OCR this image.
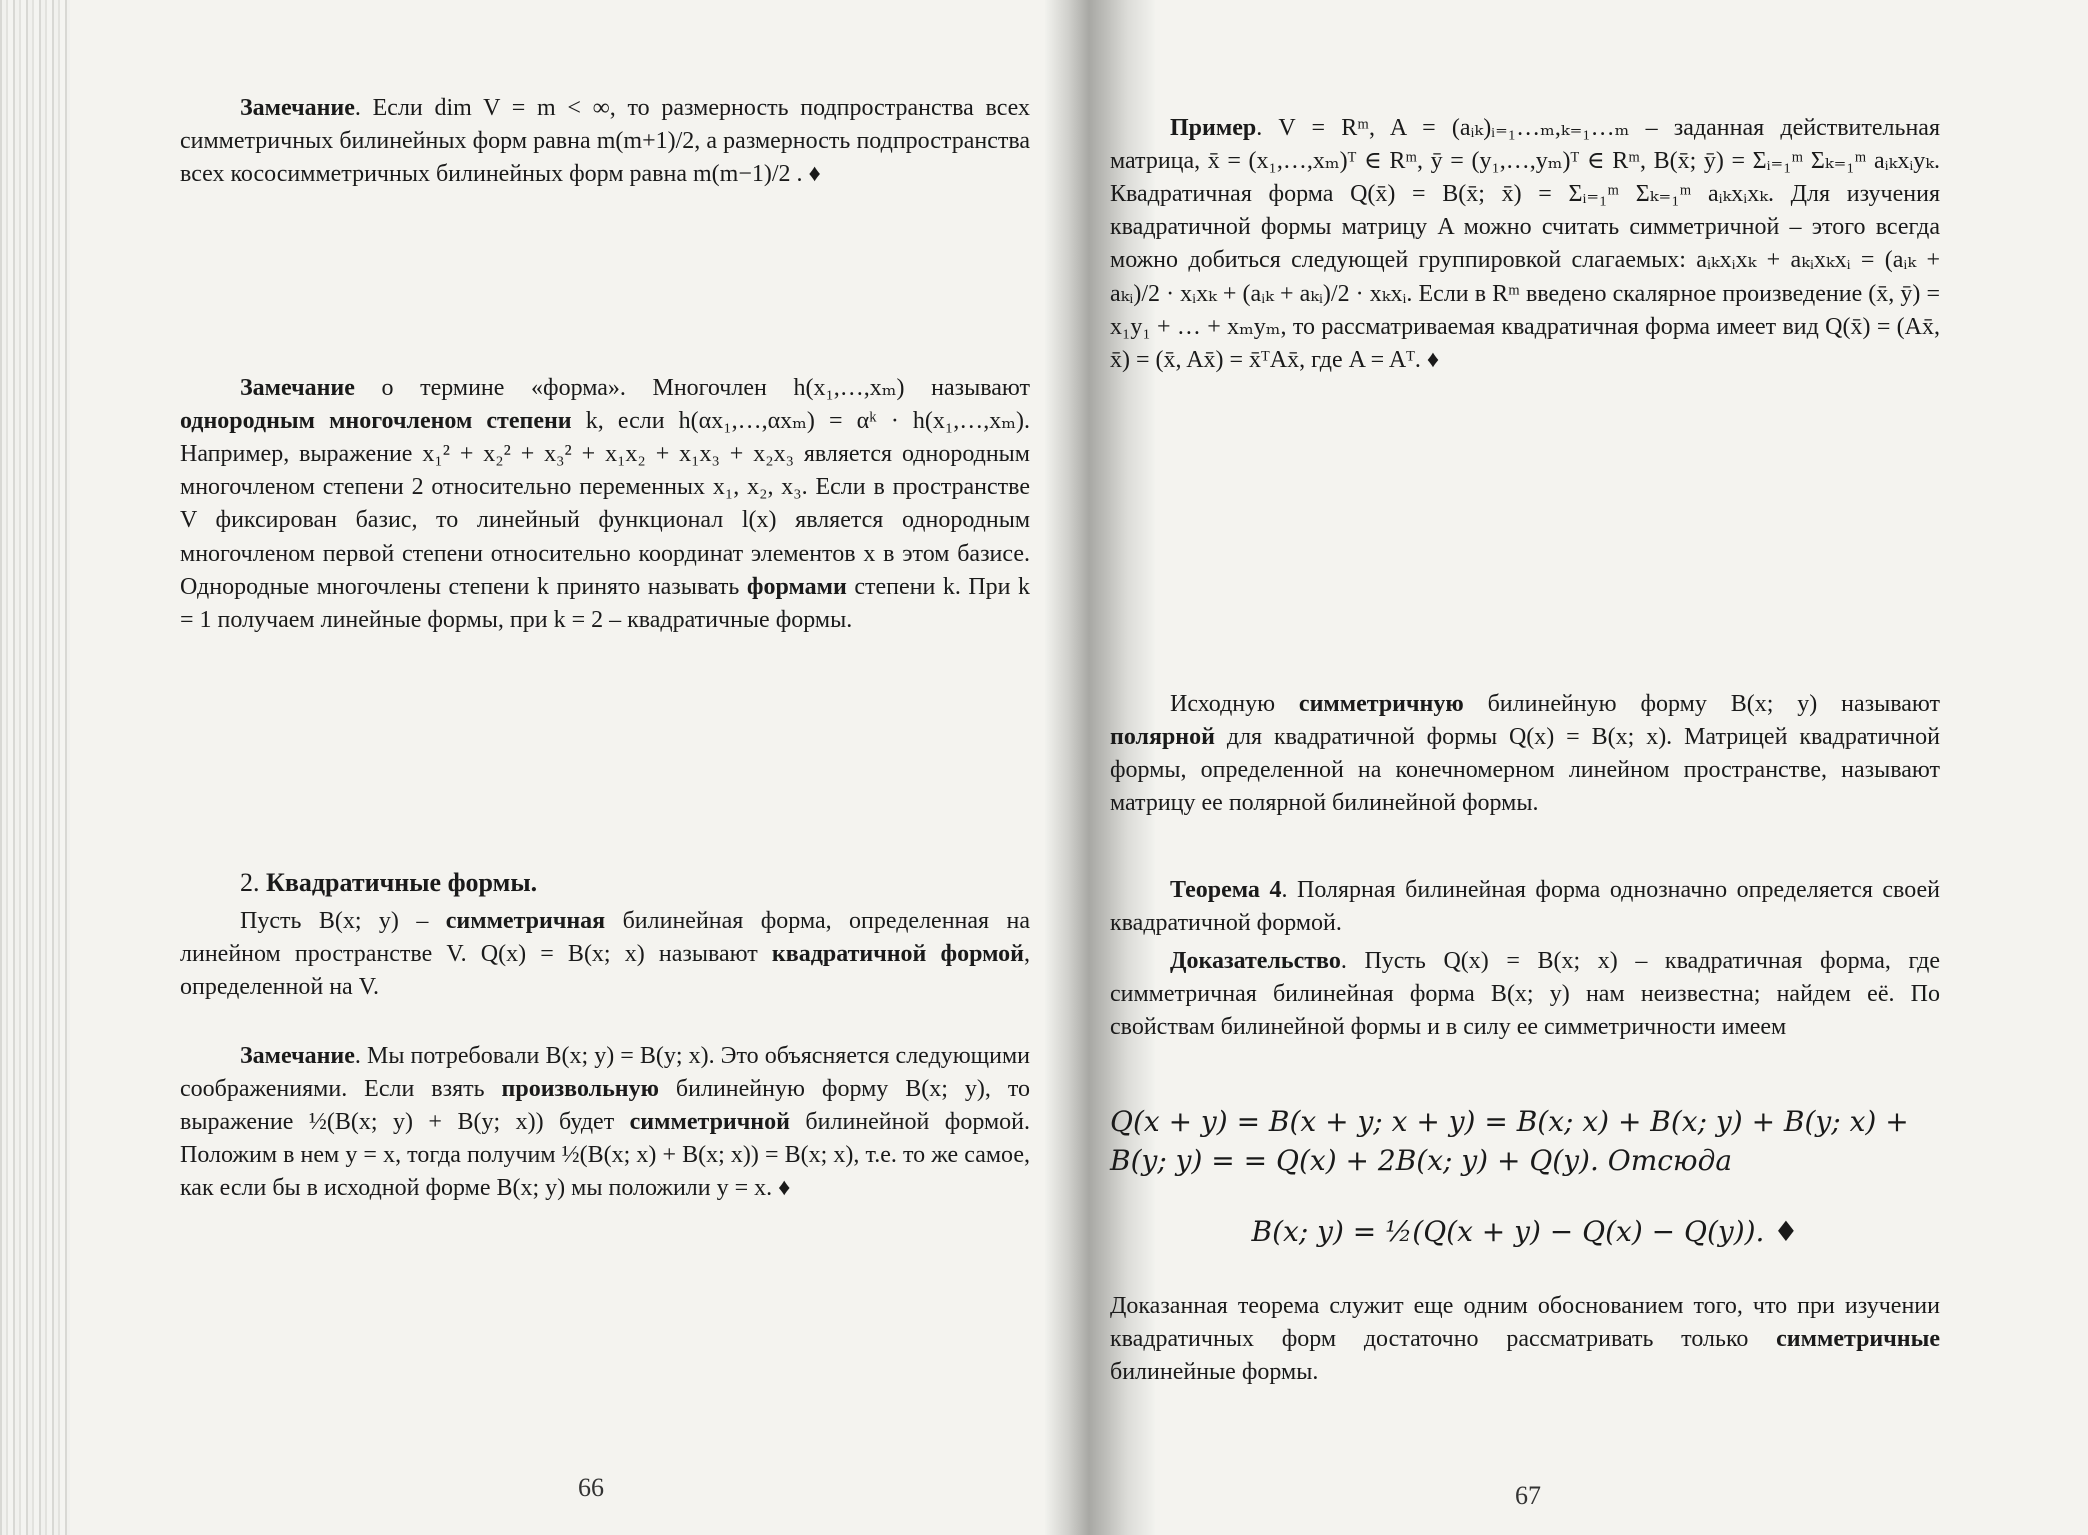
Замечание. Если dim V = m < ∞, то размерность подпространства всех симметричных билинейных форм равна m(m+1)/2, а размерность подпространства всех кососимметричных билинейных форм равна m(m−1)/2 . ♦

Замечание о термине «форма». Многочлен h(x₁,…,xₘ) называют однородным многочленом степени k, если h(αx₁,…,αxₘ) = αᵏ · h(x₁,…,xₘ). Например, выражение x₁² + x₂² + x₃² + x₁x₂ + x₁x₃ + x₂x₃ является однородным многочленом степени 2 относительно переменных x₁, x₂, x₃. Если в пространстве V фиксирован базис, то линейный функционал l(x) является однородным многочленом первой степени относительно координат элементов x в этом базисе. Однородные многочлены степени k принято называть формами степени k. При k = 1 получаем линейные формы, при k = 2 – квадратичные формы.

2. Квадратичные формы.

Пусть B(x; y) – симметричная билинейная форма, определенная на линейном пространстве V. Q(x) = B(x; x) называют квадратичной формой, определенной на V.

Замечание. Мы потребовали B(x; y) = B(y; x). Это объясняется следующими соображениями. Если взять произвольную билинейную форму B(x; y), то выражение ½(B(x; y) + B(y; x)) будет симметричной билинейной формой. Положим в нем y = x, тогда получим ½(B(x; x) + B(x; x)) = B(x; x), т.е. то же самое, как если бы в исходной форме B(x; y) мы положили y = x. ♦

66

Пример. V = Rᵐ, A = (aᵢₖ)ᵢ₌₁…ₘ,ₖ₌₁…ₘ – заданная действительная матрица, x̄ = (x₁,…,xₘ)ᵀ ∈ Rᵐ, ȳ = (y₁,…,yₘ)ᵀ ∈ Rᵐ, B(x̄; ȳ) = Σᵢ₌₁ᵐ Σₖ₌₁ᵐ aᵢₖxᵢyₖ. Квадратичная форма Q(x̄) = B(x̄; x̄) = Σᵢ₌₁ᵐ Σₖ₌₁ᵐ aᵢₖxᵢxₖ. Для изучения квадратичной формы матрицу A можно считать симметричной – этого всегда можно добиться следующей группировкой слагаемых: aᵢₖxᵢxₖ + aₖᵢxₖxᵢ = (aᵢₖ + aₖᵢ)/2 · xᵢxₖ + (aᵢₖ + aₖᵢ)/2 · xₖxᵢ. Если в Rᵐ введено скалярное произведение (x̄, ȳ) = x₁y₁ + … + xₘyₘ, то рассматриваемая квадратичная форма имеет вид Q(x̄) = (Ax̄, x̄) = (x̄, Ax̄) = x̄ᵀAx̄, где A = Aᵀ. ♦

Исходную симметричную билинейную форму B(x; y) называют полярной для квадратичной формы Q(x) = B(x; x). Матрицей квадратичной формы, определенной на конечномерном линейном пространстве, называют матрицу ее полярной билинейной формы.

Теорема 4. Полярная билинейная форма однозначно определяется своей квадратичной формой.

Доказательство. Пусть Q(x) = B(x; x) – квадратичная форма, где симметричная билинейная форма B(x; y) нам неизвестна; найдем её. По свойствам билинейной формы и в силу ее симметричности имеем

Q(x + y) = B(x + y; x + y) = B(x; x) + B(x; y) + B(y; x) + B(y; y) = = Q(x) + 2B(x; y) + Q(y). Отсюда
B(x; y) = ½(Q(x + y) − Q(x) − Q(y)). ♦

Доказанная теорема служит еще одним обоснованием того, что при изучении квадратичных форм достаточно рассматривать только симметричные билинейные формы.

67
